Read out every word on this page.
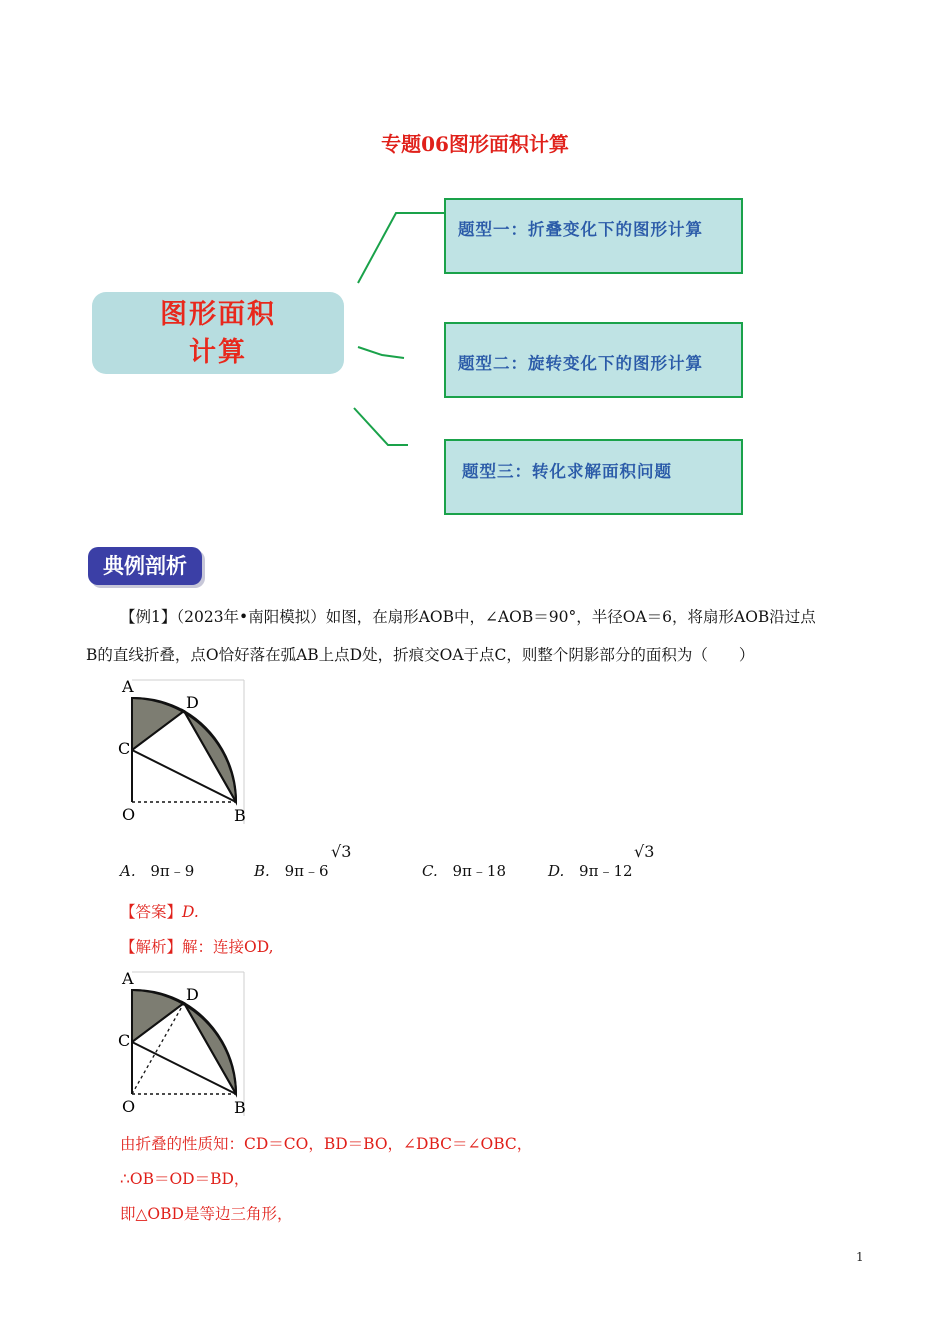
专题06图形面积计算
图形面积
计算
题型一：折叠变化下的图形计算
题型二：旋转变化下的图形计算
题型三：转化求解面积问题
典例剖析
【例1】（2023年•南阳模拟）如图，在扇形AOB中，∠AOB＝90°，半径OA＝6，将扇形AOB沿过点
B的直线折叠，点O恰好落在弧AB上点D处，折痕交OA于点C，则整个阴影部分的面积为（　　）
A
D
C
O	B
A. 9π﹣9	B. 9π﹣6
√3
C. 9π﹣18	D. 9π﹣12
√3
【答案】D.
【解析】解：连接OD,
A
D
C
O	B
由折叠的性质知：CD＝CO，BD＝BO，∠DBC＝∠OBC，
∴OB＝OD＝BD，
即△OBD是等边三角形，
1
